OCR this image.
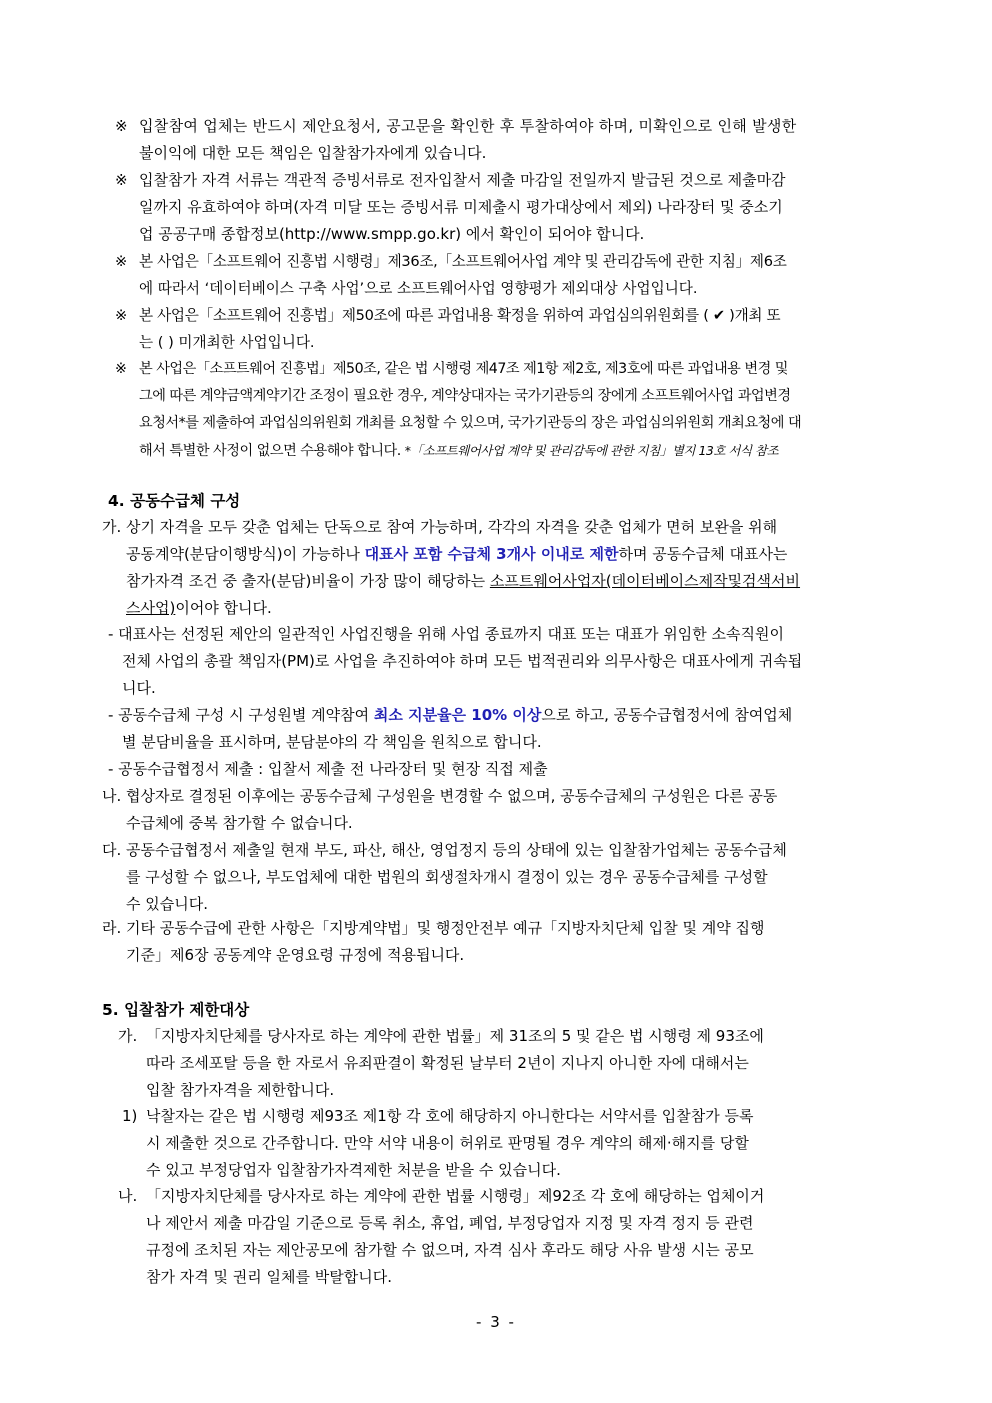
※ 입찰참여 업체는 반드시 제안요청서, 공고문을 확인한 후 투찰하여야 하며, 미확인으로 인해 발생한
불이익에 대한 모든 책임은 입찰참가자에게 있습니다.
※ 입찰참가 자격 서류는 객관적 증빙서류로 전자입찰서 제출 마감일 전일까지 발급된 것으로 제출마감
일까지 유효하여야 하며(자격 미달 또는 증빙서류 미제출시 평가대상에서 제외) 나라장터 및 중소기
업 공공구매 종합정보(http://www.smpp.go.kr) 에서 확인이 되어야 합니다.
※ 본 사업은「소프트웨어 진흥법 시행령」제36조,「소프트웨어사업 계약 및 관리감독에 관한 지침」제6조
에 따라서 ‘데이터베이스 구축 사업’으로 소프트웨어사업 영향평가 제외대상 사업입니다.
※ 본 사업은「소프트웨어 진흥법」제50조에 따른 과업내용 확정을 위하여 과업심의위원회를 ( ✔ )개최 또
는 ( ) 미개최한 사업입니다.
※ 본 사업은「소프트웨어 진흥법」제50조, 같은 법 시행령 제47조 제1항 제2호, 제3호에 따른 과업내용 변경 및
그에 따른 계약금액계약기간 조정이 필요한 경우, 계약상대자는 국가기관등의 장에게 소프트웨어사업 과업변경
요청서*를 제출하여 과업심의위원회 개최를 요청할 수 있으며, 국가기관등의 장은 과업심의위원회 개최요청에 대
해서 특별한 사정이 없으면 수용해야 합니다. *「소프트웨어사업 계약 및 관리감독에 관한 지침」별지 13호 서식 참조
4. 공동수급체 구성
가. 상기 자격을 모두 갖춘 업체는 단독으로 참여 가능하며, 각각의 자격을 갖춘 업체가 면허 보완을 위해
공동계약(분담이행방식)이 가능하나 대표사 포함 수급체 3개사 이내로 제한하며 공동수급체 대표사는
참가자격 조건 중 출자(분담)비율이 가장 많이 해당하는 소프트웨어사업자(데이터베이스제작및검색서비
스사업)이어야 합니다.
- 대표사는 선정된 제안의 일관적인 사업진행을 위해 사업 종료까지 대표 또는 대표가 위임한 소속직원이
전체 사업의 총괄 책임자(PM)로 사업을 추진하여야 하며 모든 법적권리와 의무사항은 대표사에게 귀속됩
니다.
- 공동수급체 구성 시 구성원별 계약참여 최소 지분율은 10% 이상으로 하고, 공동수급협정서에 참여업체
별 분담비율을 표시하며, 분담분야의 각 책임을 원칙으로 합니다.
- 공동수급협정서 제출 : 입찰서 제출 전 나라장터 및 현장 직접 제출
나. 협상자로 결정된 이후에는 공동수급체 구성원을 변경할 수 없으며, 공동수급체의 구성원은 다른 공동
수급체에 중복 참가할 수 없습니다.
다. 공동수급협정서 제출일 현재 부도, 파산, 해산, 영업정지 등의 상태에 있는 입찰참가업체는 공동수급체
를 구성할 수 없으나, 부도업체에 대한 법원의 회생절차개시 결정이 있는 경우 공동수급체를 구성할
수 있습니다.
라. 기타 공동수급에 관한 사항은「지방계약법」및 행정안전부 예규「지방자치단체 입찰 및 계약 집행
기준」제6장 공동계약 운영요령 규정에 적용됩니다.
5. 입찰참가 제한대상
가. 「지방자치단체를 당사자로 하는 계약에 관한 법률」제 31조의 5 및 같은 법 시행령 제 93조에
따라 조세포탈 등을 한 자로서 유죄판결이 확정된 날부터 2년이 지나지 아니한 자에 대해서는
입찰 참가자격을 제한합니다.
1) 낙찰자는 같은 법 시행령 제93조 제1항 각 호에 해당하지 아니한다는 서약서를 입찰참가 등록
시 제출한 것으로 간주합니다. 만약 서약 내용이 허위로 판명될 경우 계약의 해제·해지를 당할
수 있고 부정당업자 입찰참가자격제한 처분을 받을 수 있습니다.
나. 「지방자치단체를 당사자로 하는 계약에 관한 법률 시행령」제92조 각 호에 해당하는 업체이거
나 제안서 제출 마감일 기준으로 등록 취소, 휴업, 폐업, 부정당업자 지정 및 자격 정지 등 관련
규정에 조치된 자는 제안공모에 참가할 수 없으며, 자격 심사 후라도 해당 사유 발생 시는 공모
참가 자격 및 권리 일체를 박탈합니다.
- 3 -
